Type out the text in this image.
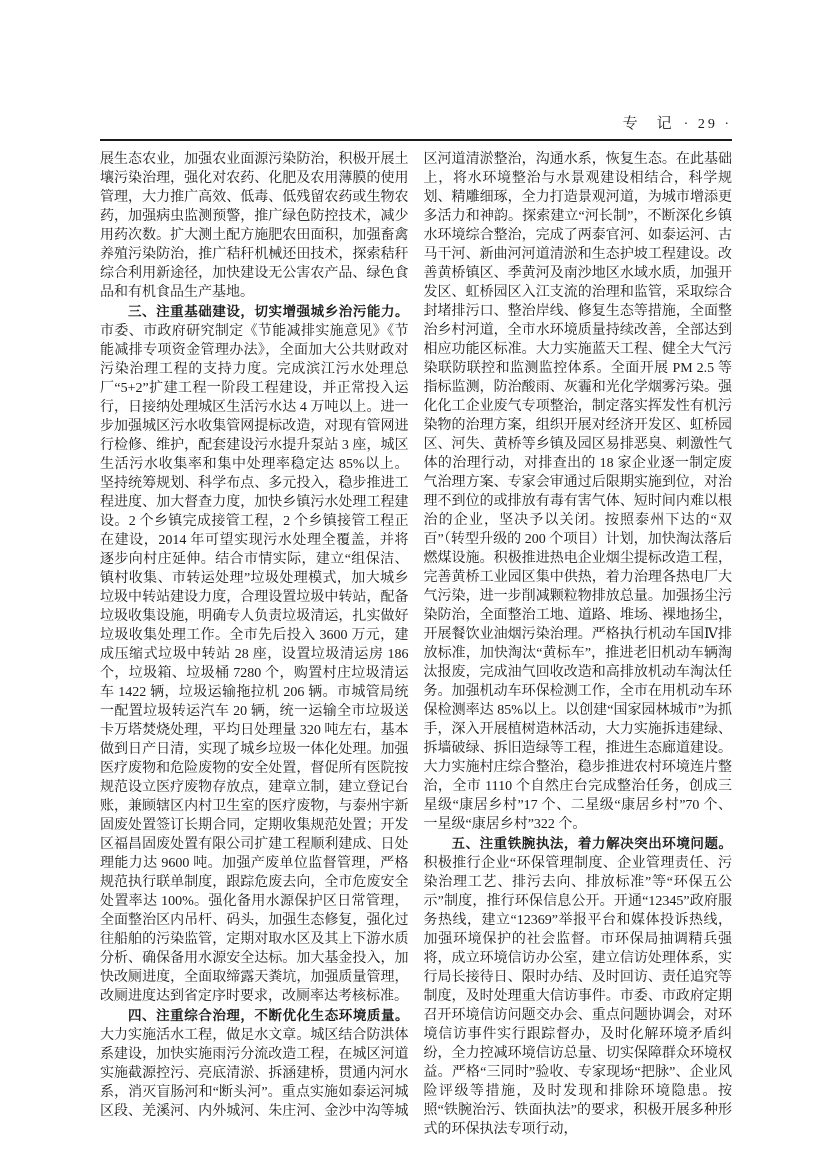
专　记 · 29 ·

展生态农业，加强农业面源污染防治，积极开展土壤污染治理，强化对农药、化肥及农用薄膜的使用管理，大力推广高效、低毒、低残留农药或生物农药，加强病虫监测预警，推广绿色防控技术，减少用药次数。扩大测土配方施肥农田面积，加强畜禽养殖污染防治，推广秸秆机械还田技术，探索秸秆综合利用新途径，加快建设无公害农产品、绿色食品和有机食品生产基地。

三、注重基础建设，切实增强城乡治污能力。市委、市政府研究制定《节能减排实施意见》《节能减排专项资金管理办法》，全面加大公共财政对污染治理工程的支持力度。完成滨江污水处理总厂“5+2”扩建工程一阶段工程建设，并正常投入运行，日接纳处理城区生活污水达 4 万吨以上。进一步加强城区污水收集管网提标改造，对现有管网进行检修、维护，配套建设污水提升泵站 3 座，城区生活污水收集率和集中处理率稳定达 85%以上。坚持统筹规划、科学布点、多元投入，稳步推进工程进度、加大督查力度，加快乡镇污水处理工程建设。2 个乡镇完成接管工程，2 个乡镇接管工程正在建设，2014 年可望实现污水处理全覆盖，并将逐步向村庄延伸。结合市情实际，建立“组保洁、镇村收集、市转运处理”垃圾处理模式，加大城乡垃圾中转站建设力度，合理设置垃圾中转站，配备垃圾收集设施，明确专人负责垃圾清运，扎实做好垃圾收集处理工作。全市先后投入 3600 万元，建成压缩式垃圾中转站 28 座，设置垃圾清运房 186 个，垃圾箱、垃圾桶 7280 个，购置村庄垃圾清运车 1422 辆，垃圾运输拖拉机 206 辆。市城管局统一配置垃圾转运汽车 20 辆，统一运输全市垃圾送卡万塔焚烧处理，平均日处理量 320 吨左右，基本做到日产日清，实现了城乡垃圾一体化处理。加强医疗废物和危险废物的安全处置，督促所有医院按规范设立医疗废物存放点，建章立制，建立登记台账，兼顾辖区内村卫生室的医疗废物，与泰州宇新固废处置签订长期合同，定期收集规范处置；开发区福昌固废处置有限公司扩建工程顺利建成、日处理能力达 9600 吨。加强产废单位监督管理，严格规范执行联单制度，跟踪危废去向，全市危废安全处置率达 100%。强化备用水源保护区日常管理，全面整治区内吊杆、码头，加强生态修复，强化过往船舶的污染监管，定期对取水区及其上下游水质分析、确保备用水源安全达标。加大基金投入，加快改厕进度，全面取缔露天粪坑，加强质量管理，改厕进度达到省定序时要求，改厕率达考核标准。

四、注重综合治理，不断优化生态环境质量。大力实施活水工程，做足水文章。城区结合防洪体系建设，加快实施雨污分流改造工程，在城区河道实施截源控污、亮底清淤、拆涵建桥，贯通内河水系，消灭盲肠河和“断头河”。重点实施如泰运河城区段、羌溪河、内外城河、朱庄河、金沙中沟等城区河道清淤整治，沟通水系，恢复生态。在此基础上，将水环境整治与水景观建设相结合，科学规划、精雕细琢，全力打造景观河道，为城市增添更多活力和神韵。探索建立“河长制”，不断深化乡镇水环境综合整治，完成了两泰官河、如泰运河、古马干河、新曲河河道清淤和生态护坡工程建设。改善黄桥镇区、季黄河及南沙地区水域水质，加强开发区、虹桥园区入江支流的治理和监管，采取综合封堵排污口、整治岸线、修复生态等措施，全面整治乡村河道，全市水环境质量持续改善，全部达到相应功能区标准。大力实施蓝天工程、健全大气污染联防联控和监测监控体系。全面开展 PM 2.5 等指标监测，防治酸雨、灰霾和光化学烟雾污染。强化化工企业废气专项整治，制定落实挥发性有机污染物的治理方案，组织开展对经济开发区、虹桥园区、河失、黄桥等乡镇及园区易排恶臭、刺激性气体的治理行动，对排查出的 18 家企业逐一制定废气治理方案、专家会审通过后限期实施到位，对治理不到位的或排放有毒有害气体、短时间内难以根治的企业，坚决予以关闭。按照泰州下达的“双百”（转型升级的 200 个项目）计划，加快淘汰落后燃煤设施。积极推进热电企业烟尘提标改造工程，完善黄桥工业园区集中供热，着力治理各热电厂大气污染，进一步削减颗粒物排放总量。加强扬尘污染防治，全面整治工地、道路、堆场、裸地扬尘，开展餐饮业油烟污染治理。严格执行机动车国Ⅳ排放标准，加快淘汰“黄标车”，推进老旧机动车辆淘汰报废，完成油气回收改造和高排放机动车淘汰任务。加强机动车环保检测工作，全市在用机动车环保检测率达 85%以上。以创建“国家园林城市”为抓手，深入开展植树造林活动，大力实施拆违建绿、拆墙破绿、拆旧造绿等工程，推进生态廊道建设。大力实施村庄综合整治，稳步推进农村环境连片整治，全市 1110 个自然庄台完成整治任务，创成三星级“康居乡村”17 个、二星级“康居乡村”70 个、一星级“康居乡村”322 个。

五、注重铁腕执法，着力解决突出环境问题。积极推行企业“环保管理制度、企业管理责任、污染治理工艺、排污去向、排放标准”等“环保五公示”制度，推行环保信息公开。开通“12345”政府服务热线，建立“12369”举报平台和媒体投诉热线，加强环境保护的社会监督。市环保局抽调精兵强将，成立环境信访办公室，建立信访处理体系，实行局长接待日、限时办结、及时回访、责任追究等制度，及时处理重大信访事件。市委、市政府定期召开环境信访问题交办会、重点问题协调会，对环境信访事件实行跟踪督办，及时化解环境矛盾纠纷，全力控减环境信访总量、切实保障群众环境权益。严格“三同时”验收、专家现场“把脉”、企业风险评级等措施，及时发现和排除环境隐患。按照“铁腕治污、铁面执法”的要求，积极开展多种形式的环保执法专项行动，
